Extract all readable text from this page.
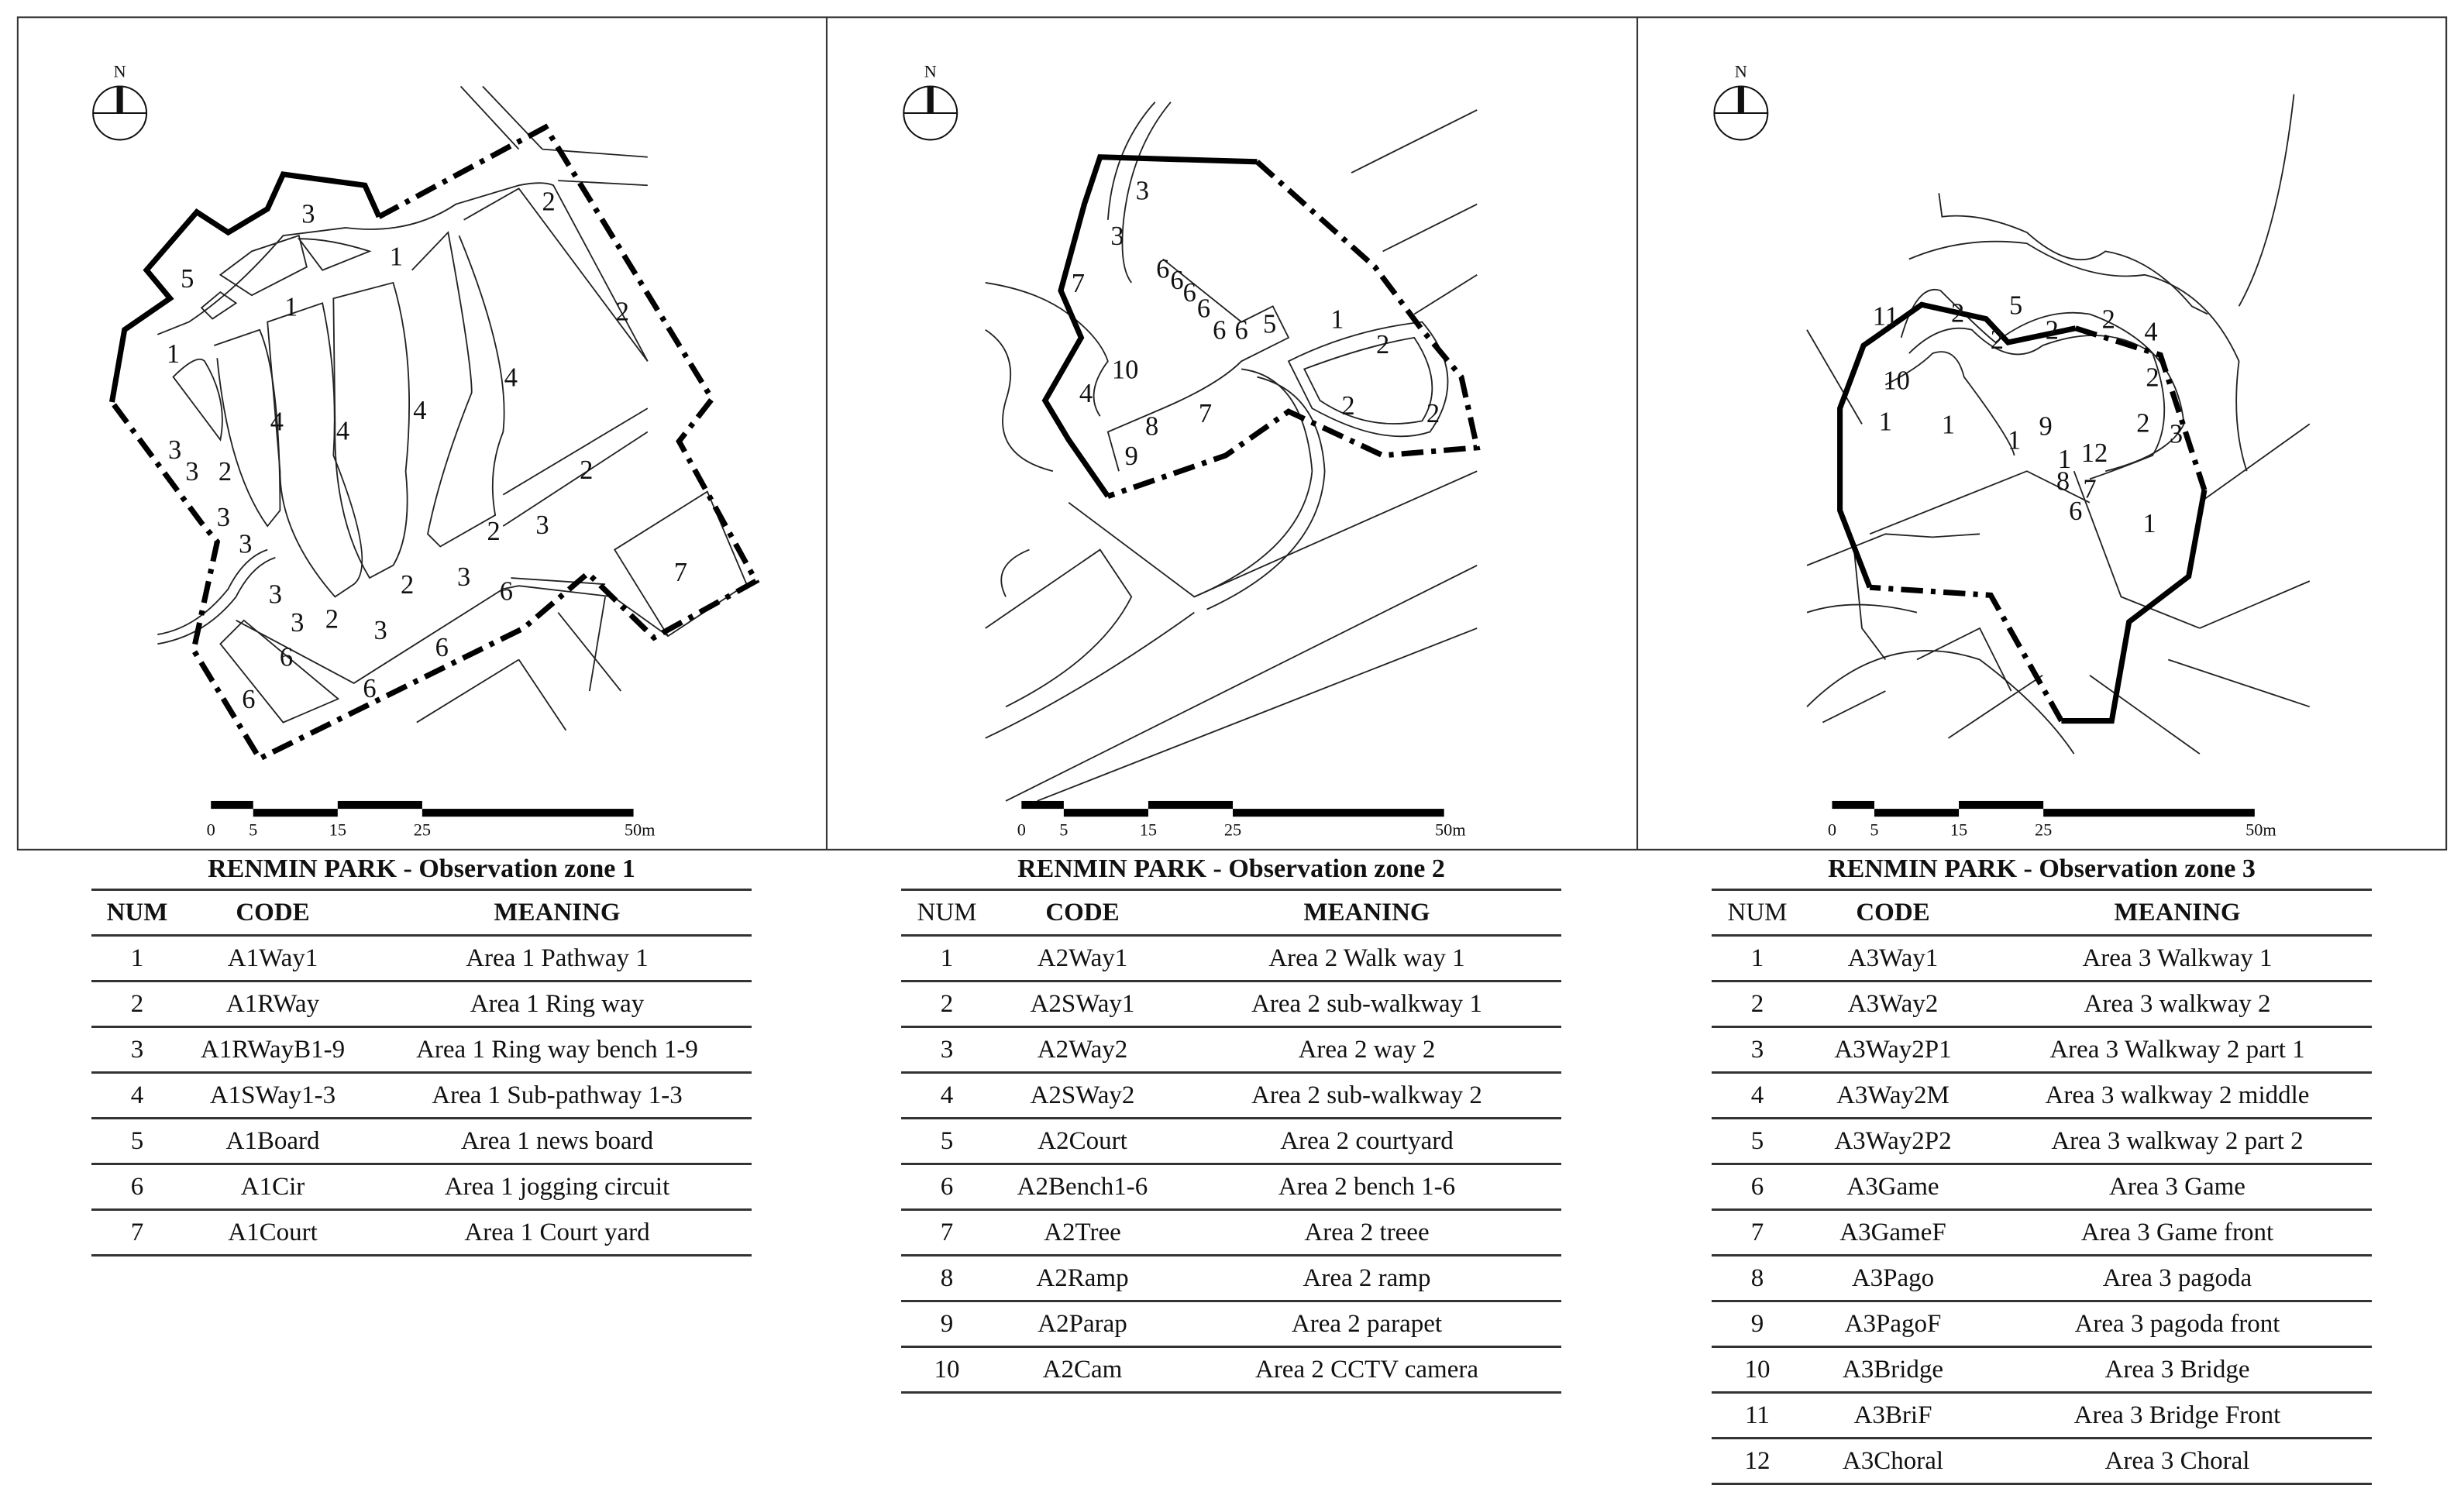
3
1
5
1
2
2
1
4
4	4
4
3
3 2
3
2
3
3	2
3
3 2	3
2	3 6
6
6
6
6
7
3
3
7	6 6
6
6
6 6 5	1
2
10
4
7
8
9
2	2
11	2	5
2	2	2 4
10	2
1	1	9
1
2
12
1
3
8 7
6	1
N	N	N
0	5	15	25	50m	0	5	15	25	50m	0	5	15	25	50m
RENMIN PARK - Observation zone 1
NUM	CODE	MEANING
1	A1Way1	Area 1 Pathway 1
2	A1RWay	Area 1 Ring way
3	A1RWayB1-9	Area 1 Ring way bench 1-9
4	A1SWay1-3	Area 1 Sub-pathway 1-3
5	A1Board	Area 1 news board
6	A1Cir	Area 1 jogging circuit
7	A1Court	Area 1 Court yard
RENMIN PARK - Observation zone 2
NUM	CODE	MEANING
1	A2Way1	Area 2 Walk way 1
2	A2SWay1	Area 2 sub-walkway 1
3	A2Way2	Area 2 way 2
4	A2SWay2	Area 2 sub-walkway 2
5	A2Court	Area 2 courtyard
6	A2Bench1-6	Area 2 bench 1-6
7	A2Tree	Area 2 treee
8	A2Ramp	Area 2 ramp
9	A2Parap	Area 2 parapet
10	A2Cam	Area 2 CCTV camera
RENMIN PARK - Observation zone 3
NUM	CODE	MEANING
1	A3Way1	Area 3 Walkway 1
2	A3Way2	Area 3 walkway 2
3	A3Way2P1	Area 3 Walkway 2 part 1
4	A3Way2M	Area 3 walkway 2 middle
5	A3Way2P2	Area 3 walkway 2 part 2
6	A3Game	Area 3 Game
7	A3GameF	Area 3 Game front
8	A3Pago	Area 3 pagoda
9	A3PagoF	Area 3 pagoda front
10	A3Bridge	Area 3 Bridge
11	A3BriF	Area 3 Bridge Front
12	A3Choral	Area 3 Choral
